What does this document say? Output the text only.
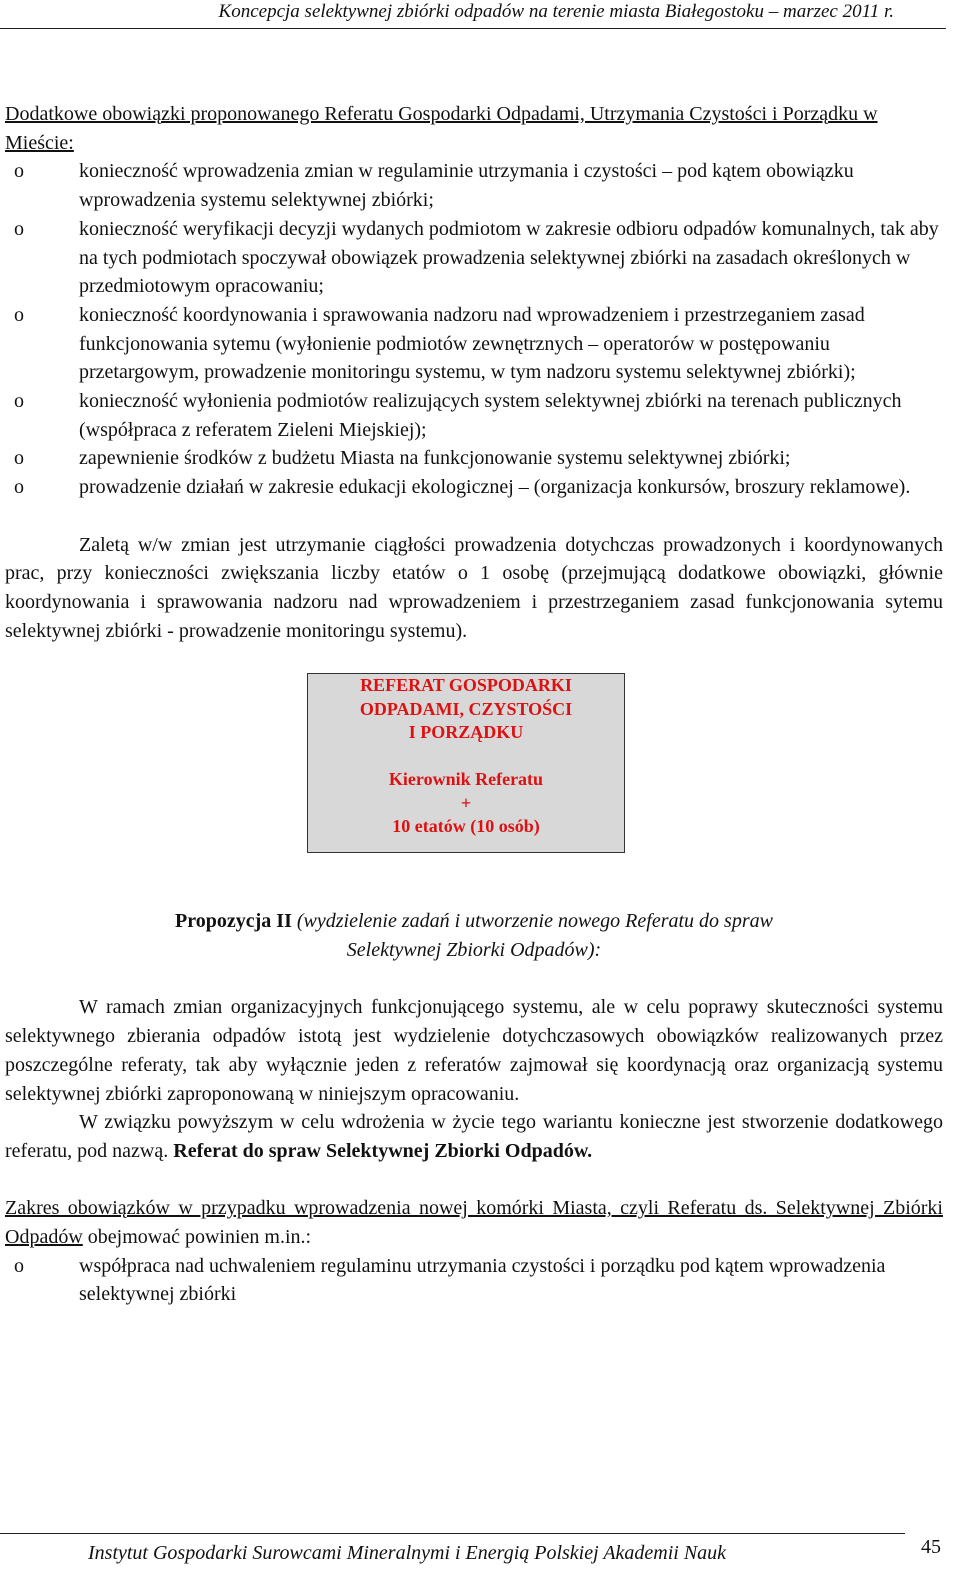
Koncepcja selektywnej zbiórki odpadów na terenie miasta Białegostoku – marzec 2011 r.

Dodatkowe obowiązki proponowanego Referatu Gospodarki Odpadami, Utrzymania Czystości i Porządku w Mieście:

o	konieczność wprowadzenia zmian w regulaminie utrzymania i czystości – pod kątem obowiązku wprowadzenia systemu selektywnej zbiórki;
o	konieczność weryfikacji decyzji wydanych podmiotom w zakresie odbioru odpadów komunalnych, tak aby na tych podmiotach spoczywał obowiązek prowadzenia selektywnej zbiórki na zasadach określonych w przedmiotowym opracowaniu;
o	konieczność koordynowania i sprawowania nadzoru nad wprowadzeniem i przestrzeganiem zasad funkcjonowania sytemu (wyłonienie podmiotów zewnętrznych – operatorów w postępowaniu przetargowym, prowadzenie monitoringu systemu, w tym nadzoru systemu selektywnej zbiórki);
o	konieczność wyłonienia podmiotów realizujących system selektywnej zbiórki na terenach publicznych (współpraca z referatem Zieleni Miejskiej);
o	zapewnienie środków z budżetu Miasta na funkcjonowanie systemu selektywnej zbiórki;
o	prowadzenie działań w zakresie edukacji ekologicznej – (organizacja konkursów, broszury reklamowe).

Zaletą w/w zmian jest utrzymanie ciągłości prowadzenia dotychczas prowadzonych i koordynowanych prac, przy konieczności zwiększania liczby etatów o 1 osobę (przejmującą dodatkowe obowiązki, głównie koordynowania i sprawowania nadzoru nad wprowadzeniem i przestrzeganiem zasad funkcjonowania sytemu selektywnej zbiórki - prowadzenie monitoringu systemu).

REFERAT GOSPODARKI
ODPADAMI, CZYSTOŚCI
I PORZĄDKU
Kierownik Referatu
+
10 etatów (10 osób)

Propozycja II (wydzielenie zadań i utworzenie nowego Referatu do spraw
Selektywnej Zbiorki Odpadów):

W ramach zmian organizacyjnych funkcjonującego systemu, ale w celu poprawy skuteczności systemu selektywnego zbierania odpadów istotą jest wydzielenie dotychczasowych obowiązków realizowanych przez poszczególne referaty, tak aby wyłącznie jeden z referatów zajmował się koordynacją oraz organizacją systemu selektywnej zbiórki zaproponowaną w niniejszym opracowaniu.

W związku powyższym w celu wdrożenia w życie tego wariantu konieczne jest stworzenie dodatkowego referatu, pod nazwą. Referat do spraw Selektywnej Zbiorki Odpadów.

Zakres obowiązków w przypadku wprowadzenia nowej komórki Miasta, czyli Referatu ds. Selektywnej Zbiórki Odpadów obejmować powinien m.in.:

o	współpraca nad uchwaleniem regulaminu utrzymania czystości i porządku pod kątem wprowadzenia selektywnej zbiórki
Instytut Gospodarki Surowcami Mineralnymi i Energią Polskiej Akademii Nauk	45
